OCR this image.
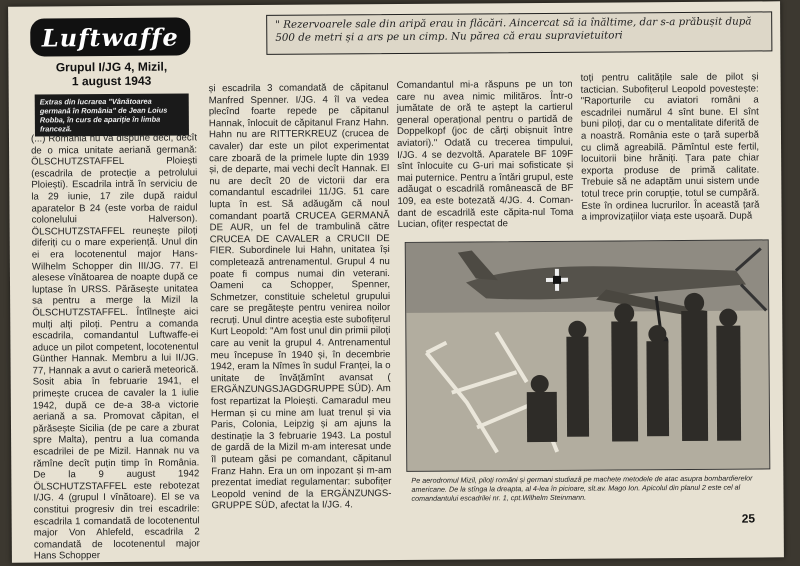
Luftwaffe	" Rezervoarele sale din aripă erau in flăcări. Aincercat să ia înăltime, dar s-a prăbușit după 500 de metri și a ars pe un cimp. Nu părea că erau supravietuitori
Grupul I/JG 4, Mizil,
1 august 1943
Extras din lucrarea "Vânătoarea germană în România" de Jean Loius Robba, în curs de apariție în limba franceză.
(...) România nu va dispune deci, decît de o mica unitate aeriană germană: ÖLSCHUTZSTAFFEL Ploiești (escadrila de protecție a petrolului Ploiești). Escadrila intră în serviciu de la 29 iunie, 17 zile după raidul aparatelor B 24 (este vorba de raidul colonelului Halverson). ÖLSCHUTZSTAFFEL reunește piloți diferiți cu o mare experiență. Unul din ei era locotenentul major Hans-Wilhelm Schopper din III/JG. 77. El alesese vînătoarea de noapte după ce luptase în URSS. Părăsește unitatea sa pentru a merge la Mizil la ÖLSCHUTZSTAFFEL. Întîlnește aici mulți alți piloți. Pentru a comanda escadrila, comandantul Luftwaffe-ei aduce un pilot competent, locotenentul Günther Hannak. Membru a lui II/JG. 77, Hannak a avut o carieră meteorică. Sosit abia în februarie 1941, el primește crucea de cavaler la 1 iulie 1942, după ce de-a 38-a victorie aeriană a sa. Promovat căpitan, el părăsește Sicilia (de pe care a zburat spre Malta), pentru a lua comanda escadrilei de pe Mizil. Hannak nu va rămîne decît puțin timp în România. De la 9 august 1942 ÖLSCHUTZSTAFFEL este rebotezat I/JG. 4 (grupul I vînătoare). El se va constitui progresiv din trei escadrile: escadrila 1 comandată de locotenentul major Von Ahlefeld, escadrila 2 comandată de locotenentul major Hans Schopper
și escadrila 3 comandată de căpitanul Manfred Spenner. I/JG. 4 îl va vedea plecînd foarte repede pe căpitanul Hannak, înlocuit de căpitanul Franz Hahn. Hahn nu are RITTERKREUZ (crucea de cavaler) dar este un pilot experimentat care zboară de la primele lupte din 1939 și, de departe, mai vechi decît Hannak. El nu are decît 20 de victorii dar era comandantul escadrilei 11/JG. 51 care lupta în est. Să adăugăm că noul comandant poartă CRUCEA GERMANĂ DE AUR, un fel de trambulină către CRUCEA DE CAVALER a CRUCII DE FIER. Subordinele lui Hahn, unitatea își completează antrenamentul. Grupul 4 nu poate fi compus numai din veterani. Oameni ca Schopper, Spenner, Schmetzer, constituie scheletul grupului care se pregătește pentru venirea noilor recruți. Unul dintre aceștia este subofițerul Kurt Leopold: "Am fost unul din primii piloți care au venit la grupul 4. Antrenamentul meu începuse în 1940 și, în decembrie 1942, eram la Nîmes în sudul Franței, la o unitate de învățămînt avansat ( ERGÄNZUNGSJAGDGRUPPE SÜD). Am fost repartizat la Ploiești. Camaradul meu Herman și cu mine am luat trenul și via Paris, Colonia, Leipzig și am ajuns la destinație la 3 februarie 1943. La postul de gardă de la Mizil m-am interesat unde îl puteam găsi pe comandant, căpitanul Franz Hahn. Era un om inpozant și m-am prezentat imediat regulamentar: subofițer Leopold venind de la ERGÄNZUNGS-GRUPPE SÜD, afectat la I/JG. 4.
Comandantul mi-a răspuns pe un ton care nu avea nimic milităros. Într-o jumătate de oră te aștept la cartierul general operațional pentru o partidă de Doppelkopf (joc de cărți obișnuit între aviatori)." Odată cu trecerea timpului, I/JG. 4 se dezvoltă. Aparatele BF 109F sînt înlocuite cu G-uri mai sofisticate și mai puternice. Pentru a întări grupul, este adăugat o escadrilă românească de BF 109, ea este botezată 4/JG. 4. Coman-dant de escadrilă este căpita-nul Toma Lucian, ofițer respectat de
toți pentru calitățile sale de pilot și tactician. Subofițerul Leopold povestește: "Raporturile cu aviatori români a escadrilei numărul 4 sînt bune. El sînt buni piloți, dar cu o mentalitate diferită de a noastră. România este o țară superbă cu climă agreabilă. Pămîntul este fertil, locuitorii bine hrăniți. Țara pate chiar exporta produse de primă calitate. Trebuie să ne adaptăm unui sistem unde totul trece prin corupție, totul se cumpără. Este în ordinea lucrurilor. În această țară a improvizațiilor viața este ușoară. După
Pe aerodromul Mizil, piloți români și germani studiază pe machete metodele de atac asupra bombardierelor americane. De la stînga la dreapta, al 4-lea în picioare, slt.av. Mago Ion. Apicolul din planul 2 este cel al comandantului escadrilei nr. 1, cpt.Wilhelm Steinmann.
25
